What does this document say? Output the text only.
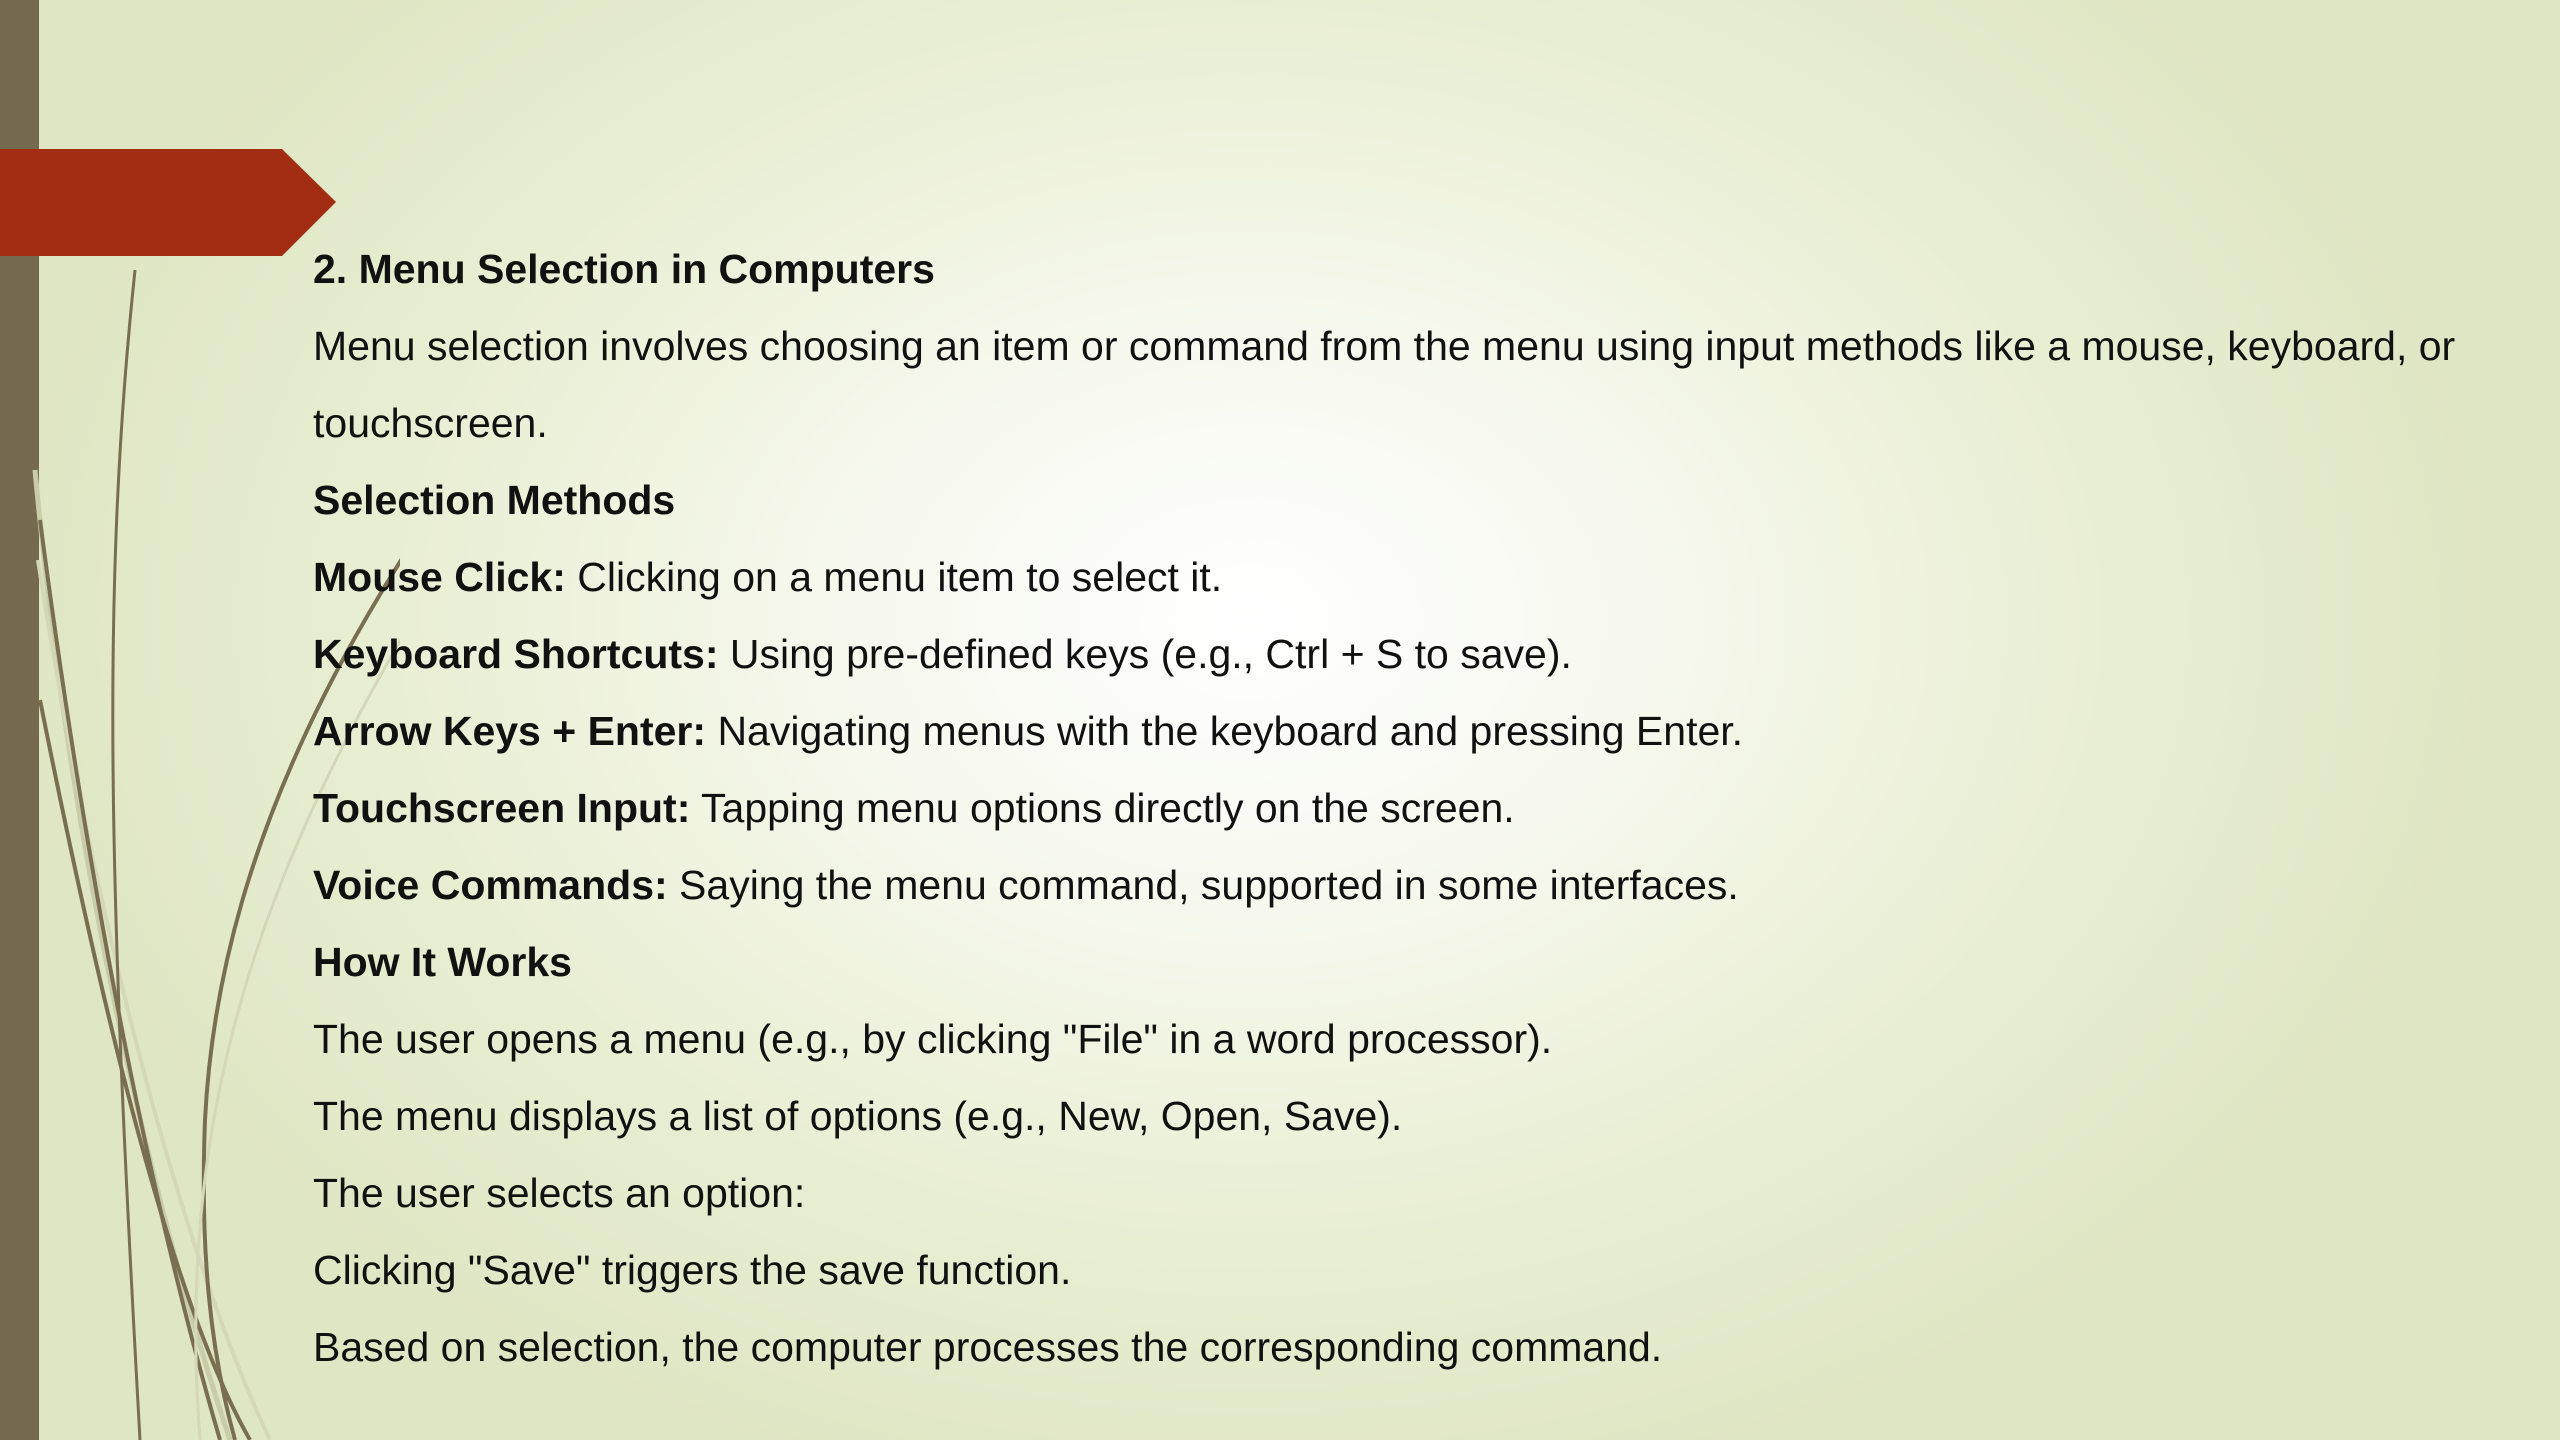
2. Menu Selection in Computers
Menu selection involves choosing an item or command from the menu using input methods like a mouse, keyboard, or
touchscreen.
Selection Methods
Mouse Click: Clicking on a menu item to select it.
Keyboard Shortcuts: Using pre-defined keys (e.g., Ctrl + S to save).
Arrow Keys + Enter: Navigating menus with the keyboard and pressing Enter.
Touchscreen Input: Tapping menu options directly on the screen.
Voice Commands: Saying the menu command, supported in some interfaces.
How It Works
The user opens a menu (e.g., by clicking "File" in a word processor).
The menu displays a list of options (e.g., New, Open, Save).
The user selects an option:
Clicking "Save" triggers the save function.
Based on selection, the computer processes the corresponding command.
